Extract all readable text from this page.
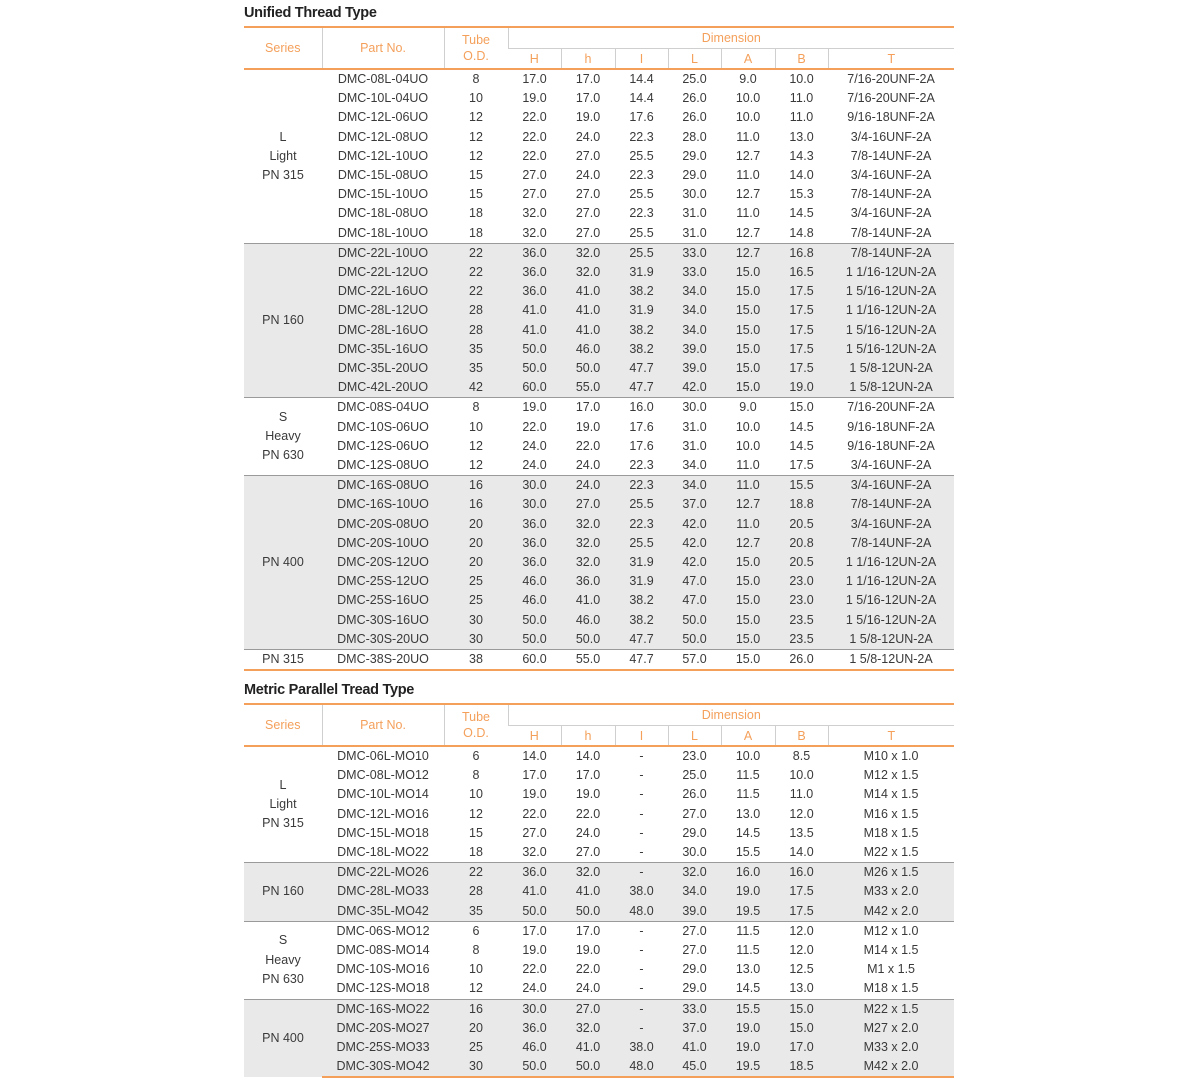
Unified Thread Type
Series	Part No.	Tube
O.D.	Dimension						
			H	h	I	L	A	B	T

L
Light
PN 315	DMC-08L-04UO	8	17.0	17.0	14.4	25.0	9.0	10.0	7/16-20UNF-2A
	DMC-10L-04UO	10	19.0	17.0	14.4	26.0	10.0	11.0	7/16-20UNF-2A
	DMC-12L-06UO	12	22.0	19.0	17.6	26.0	10.0	11.0	9/16-18UNF-2A
	DMC-12L-08UO	12	22.0	24.0	22.3	28.0	11.0	13.0	3/4-16UNF-2A
	DMC-12L-10UO	12	22.0	27.0	25.5	29.0	12.7	14.3	7/8-14UNF-2A
	DMC-15L-08UO	15	27.0	24.0	22.3	29.0	11.0	14.0	3/4-16UNF-2A
	DMC-15L-10UO	15	27.0	27.0	25.5	30.0	12.7	15.3	7/8-14UNF-2A
	DMC-18L-08UO	18	32.0	27.0	22.3	31.0	11.0	14.5	3/4-16UNF-2A
	DMC-18L-10UO	18	32.0	27.0	25.5	31.0	12.7	14.8	7/8-14UNF-2A

PN 160	DMC-22L-10UO	22	36.0	32.0	25.5	33.0	12.7	16.8	7/8-14UNF-2A
	DMC-22L-12UO	22	36.0	32.0	31.9	33.0	15.0	16.5	1 1/16-12UN-2A
	DMC-22L-16UO	22	36.0	41.0	38.2	34.0	15.0	17.5	1 5/16-12UN-2A
	DMC-28L-12UO	28	41.0	41.0	31.9	34.0	15.0	17.5	1 1/16-12UN-2A
	DMC-28L-16UO	28	41.0	41.0	38.2	34.0	15.0	17.5	1 5/16-12UN-2A
	DMC-35L-16UO	35	50.0	46.0	38.2	39.0	15.0	17.5	1 5/16-12UN-2A
	DMC-35L-20UO	35	50.0	50.0	47.7	39.0	15.0	17.5	1 5/8-12UN-2A
	DMC-42L-20UO	42	60.0	55.0	47.7	42.0	15.0	19.0	1 5/8-12UN-2A

S
Heavy
PN 630	DMC-08S-04UO	8	19.0	17.0	16.0	30.0	9.0	15.0	7/16-20UNF-2A
	DMC-10S-06UO	10	22.0	19.0	17.6	31.0	10.0	14.5	9/16-18UNF-2A
	DMC-12S-06UO	12	24.0	22.0	17.6	31.0	10.0	14.5	9/16-18UNF-2A
	DMC-12S-08UO	12	24.0	24.0	22.3	34.0	11.0	17.5	3/4-16UNF-2A

PN 400	DMC-16S-08UO	16	30.0	24.0	22.3	34.0	11.0	15.5	3/4-16UNF-2A
	DMC-16S-10UO	16	30.0	27.0	25.5	37.0	12.7	18.8	7/8-14UNF-2A
	DMC-20S-08UO	20	36.0	32.0	22.3	42.0	11.0	20.5	3/4-16UNF-2A
	DMC-20S-10UO	20	36.0	32.0	25.5	42.0	12.7	20.8	7/8-14UNF-2A
	DMC-20S-12UO	20	36.0	32.0	31.9	42.0	15.0	20.5	1 1/16-12UN-2A
	DMC-25S-12UO	25	46.0	36.0	31.9	47.0	15.0	23.0	1 1/16-12UN-2A
	DMC-25S-16UO	25	46.0	41.0	38.2	47.0	15.0	23.0	1 5/16-12UN-2A
	DMC-30S-16UO	30	50.0	46.0	38.2	50.0	15.0	23.5	1 5/16-12UN-2A
	DMC-30S-20UO	30	50.0	50.0	47.7	50.0	15.0	23.5	1 5/8-12UN-2A

PN 315	DMC-38S-20UO	38	60.0	55.0	47.7	57.0	15.0	26.0	1 5/8-12UN-2A
Metric Parallel Tread Type
Series	Part No.	Tube
O.D.	Dimension						
			H	h	I	L	A	B	T

L
Light
PN 315	DMC-06L-MO10	6	14.0	14.0	-	23.0	10.0	8.5	M10 x 1.0
	DMC-08L-MO12	8	17.0	17.0	-	25.0	11.5	10.0	M12 x 1.5
	DMC-10L-MO14	10	19.0	19.0	-	26.0	11.5	11.0	M14 x 1.5
	DMC-12L-MO16	12	22.0	22.0	-	27.0	13.0	12.0	M16 x 1.5
	DMC-15L-MO18	15	27.0	24.0	-	29.0	14.5	13.5	M18 x 1.5
	DMC-18L-MO22	18	32.0	27.0	-	30.0	15.5	14.0	M22 x 1.5

PN 160	DMC-22L-MO26	22	36.0	32.0	-	32.0	16.0	16.0	M26 x 1.5
	DMC-28L-MO33	28	41.0	41.0	38.0	34.0	19.0	17.5	M33 x 2.0
	DMC-35L-MO42	35	50.0	50.0	48.0	39.0	19.5	17.5	M42 x 2.0

S
Heavy
PN 630	DMC-06S-MO12	6	17.0	17.0	-	27.0	11.5	12.0	M12 x 1.0
	DMC-08S-MO14	8	19.0	19.0	-	27.0	11.5	12.0	M14 x 1.5
	DMC-10S-MO16	10	22.0	22.0	-	29.0	13.0	12.5	M1 x 1.5
	DMC-12S-MO18	12	24.0	24.0	-	29.0	14.5	13.0	M18 x 1.5

PN 400	DMC-16S-MO22	16	30.0	27.0	-	33.0	15.5	15.0	M22 x 1.5
	DMC-20S-MO27	20	36.0	32.0	-	37.0	19.0	15.0	M27 x 2.0
	DMC-25S-MO33	25	46.0	41.0	38.0	41.0	19.0	17.0	M33 x 2.0
	DMC-30S-MO42	30	50.0	50.0	48.0	45.0	19.5	18.5	M42 x 2.0
